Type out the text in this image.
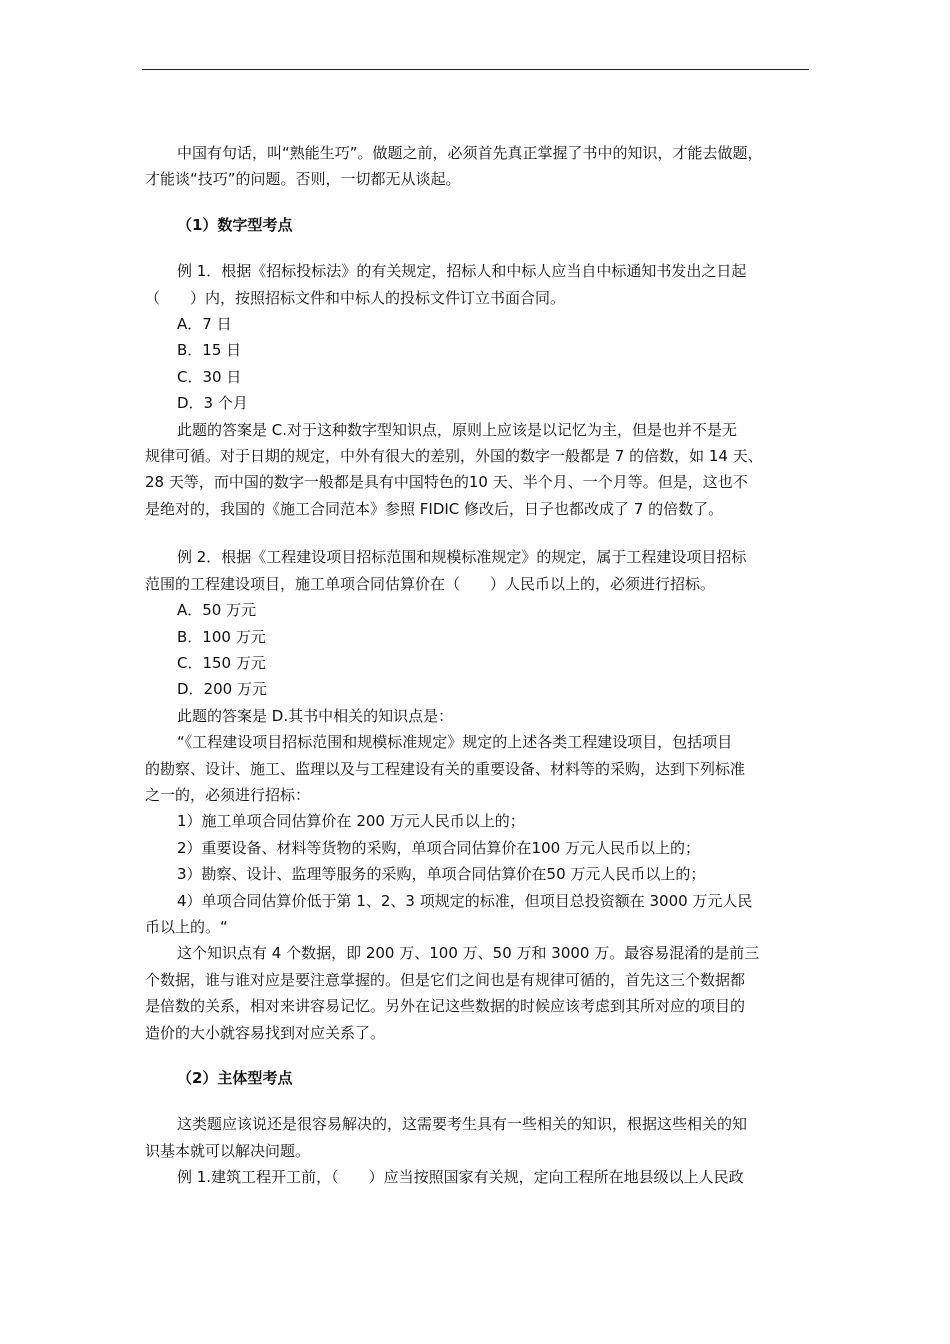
中国有句话，叫“熟能生巧”。做题之前，必须首先真正掌握了书中的知识，才能去做题，
才能谈“技巧”的问题。否则，一切都无从谈起。
（1）数字型考点
例 1．根据《招标投标法》的有关规定，招标人和中标人应当自中标通知书发出之日起
（　　）内，按照招标文件和中标人的投标文件订立书面合同。
A．7 日
B．15 日
C．30 日
D．3 个月
此题的答案是 C.对于这种数字型知识点，原则上应该是以记忆为主，但是也并不是无
规律可循。对于日期的规定，中外有很大的差别，外国的数字一般都是 7 的倍数，如 14 天、
28 天等，而中国的数字一般都是具有中国特色的10 天、半个月、一个月等。但是，这也不
是绝对的，我国的《施工合同范本》参照 FIDIC 修改后，日子也都改成了 7 的倍数了。
例 2．根据《工程建设项目招标范围和规模标准规定》的规定，属于工程建设项目招标
范围的工程建设项目，施工单项合同估算价在（　　）人民币以上的，必须进行招标。
A．50 万元
B．100 万元
C．150 万元
D．200 万元
此题的答案是 D.其书中相关的知识点是：
“《工程建设项目招标范围和规模标准规定》规定的上述各类工程建设项目，包括项目
的勘察、设计、施工、监理以及与工程建设有关的重要设备、材料等的采购，达到下列标准
之一的，必须进行招标：
1）施工单项合同估算价在 200 万元人民币以上的；
2）重要设备、材料等货物的采购，单项合同估算价在100 万元人民币以上的；
3）勘察、设计、监理等服务的采购，单项合同估算价在50 万元人民币以上的；
4）单项合同估算价低于第 1、2、3 项规定的标准，但项目总投资额在 3000 万元人民
币以上的。“
这个知识点有 4 个数据，即 200 万、100 万、50 万和 3000 万。最容易混淆的是前三
个数据，谁与谁对应是要注意掌握的。但是它们之间也是有规律可循的，首先这三个数据都
是倍数的关系，相对来讲容易记忆。另外在记这些数据的时候应该考虑到其所对应的项目的
造价的大小就容易找到对应关系了。
（2）主体型考点
这类题应该说还是很容易解决的，这需要考生具有一些相关的知识，根据这些相关的知
识基本就可以解决问题。
例 1.建筑工程开工前，（　　）应当按照国家有关规，定向工程所在地县级以上人民政
